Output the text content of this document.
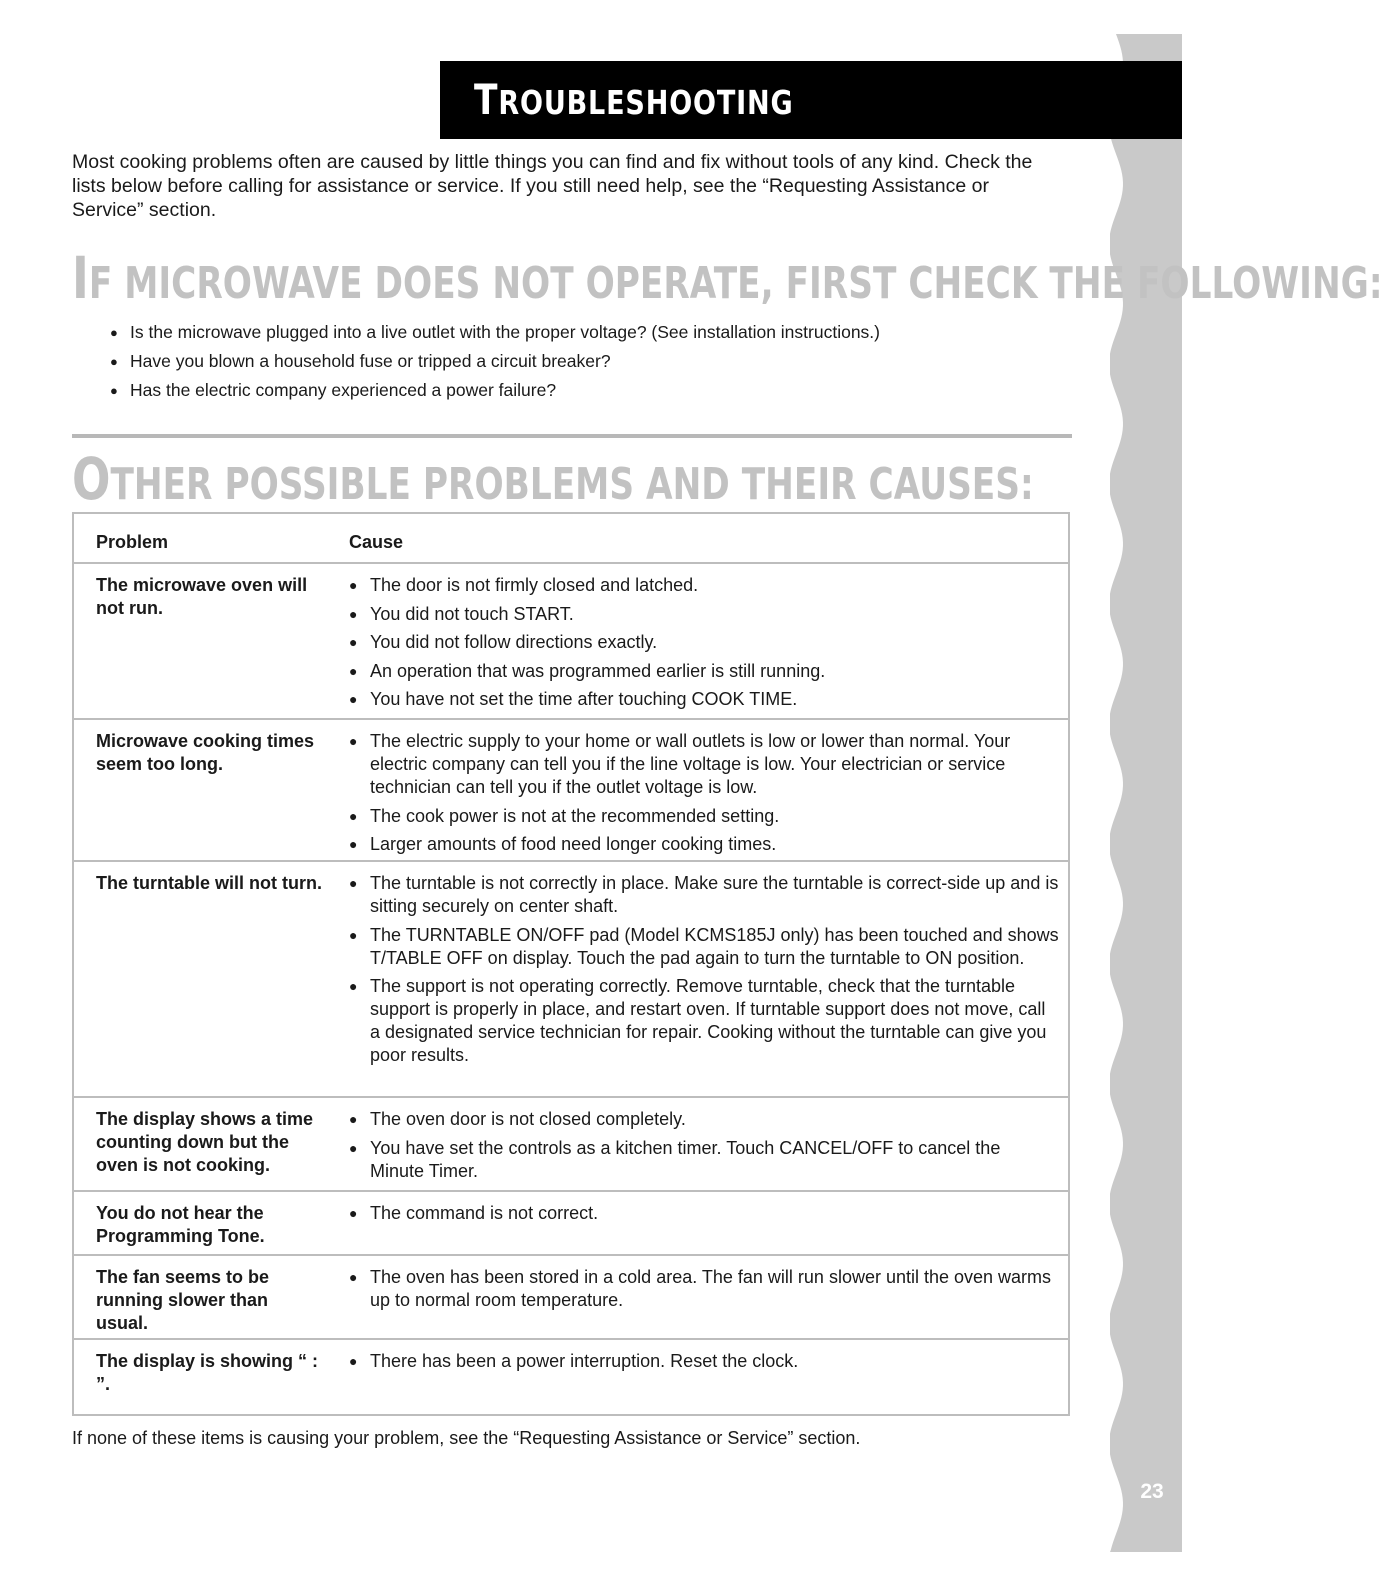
23
TROUBLESHOOTING

Most cooking problems often are caused by little things you can find and fix without tools of any kind. Check the lists below before calling for assistance or service. If you still need help, see the “Requesting Assistance or Service” section.

IF MICROWAVE DOES NOT OPERATE, FIRST CHECK THE FOLLOWING:
● Is the microwave plugged into a live outlet with the proper voltage? (See installation instructions.)
● Have you blown a household fuse or tripped a circuit breaker?
● Has the electric company experienced a power failure?
OTHER POSSIBLE PROBLEMS AND THEIR CAUSES:
Problem	Cause
The microwave oven will not run.
● The door is not firmly closed and latched.
● You did not touch START.
● You did not follow directions exactly.
● An operation that was programmed earlier is still running.
● You have not set the time after touching COOK TIME.
Microwave cooking times seem too long.
● The electric supply to your home or wall outlets is low or lower than normal. Your electric company can tell you if the line voltage is low. Your electrician or service technician can tell you if the outlet voltage is low.
● The cook power is not at the recommended setting.
● Larger amounts of food need longer cooking times.
The turntable will not turn.
●	The turntable is not correctly in place. Make sure the turntable is correct-side up and is sitting securely on center shaft.
● The TURNTABLE ON/OFF pad (Model KCMS185J only) has been touched and shows T/TABLE OFF on display. Touch the pad again to turn the turntable to ON position.
● The support is not operating correctly. Remove turntable, check that the turntable support is properly in place, and restart oven. If turntable support does not move, call a designated service technician for repair. Cooking without the turntable can give you poor results.
The display shows a time counting down but the oven is not cooking.
● The oven door is not closed completely.
● You have set the controls as a kitchen timer. Touch CANCEL/OFF to cancel the Minute Timer.
You do not hear the Programming Tone.
● The command is not correct.
The fan seems to be running slower than usual.
● The oven has been stored in a cold area. The fan will run slower until the oven warms up to normal room temperature.
The display is showing “ : ”.
● There has been a power interruption. Reset the clock.

If none of these items is causing your problem, see the “Requesting Assistance or Service” section.
